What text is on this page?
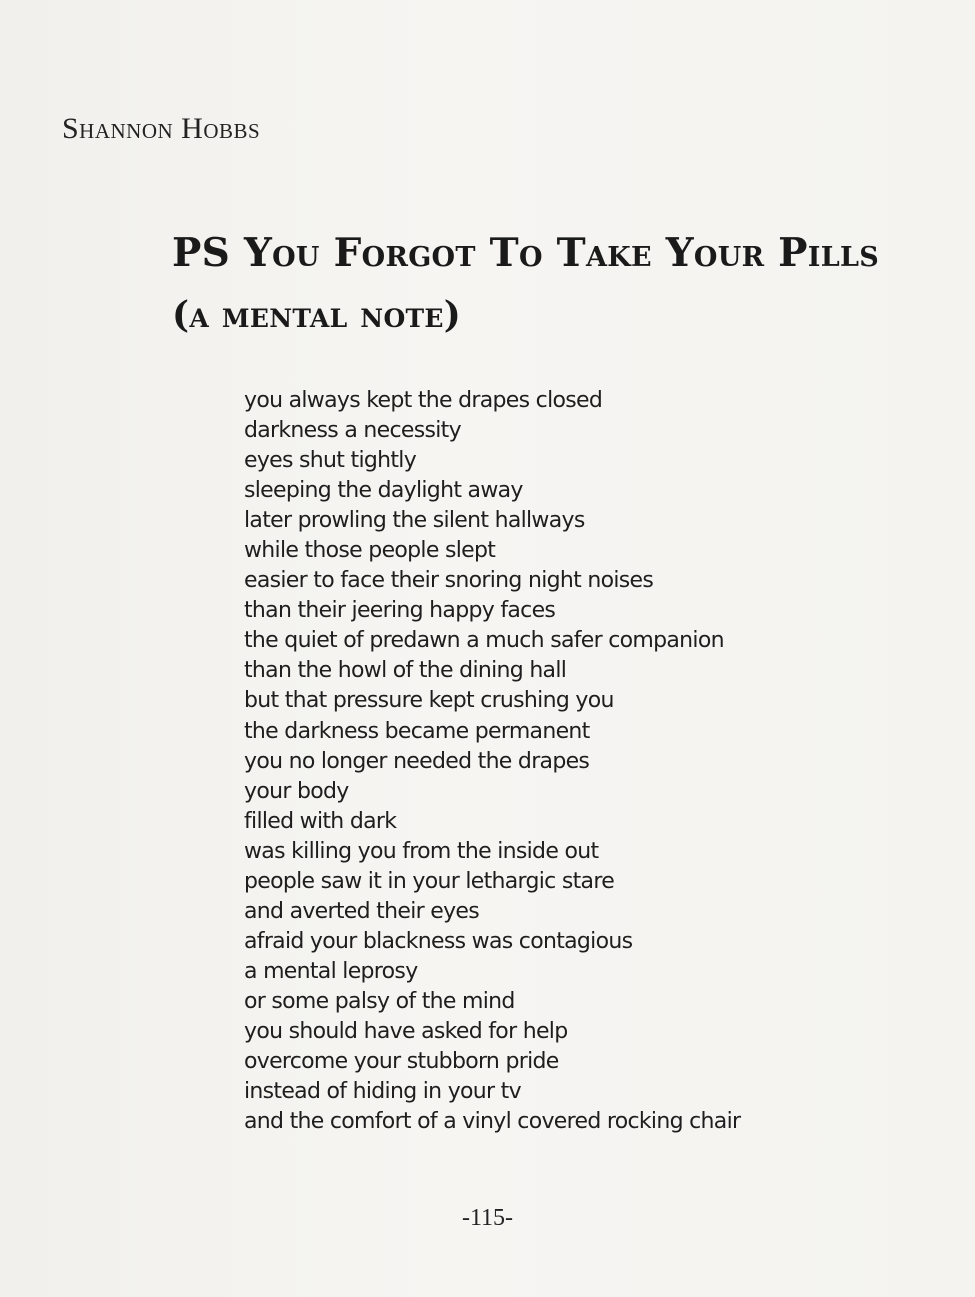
Shannon Hobbs
PS You Forgot To Take Your Pills
(a mental note)
you always kept the drapes closed
darkness a necessity
eyes shut tightly
sleeping the daylight away
later prowling the silent hallways
while those people slept
easier to face their snoring night noises
than their jeering happy faces
the quiet of predawn a much safer companion
than the howl of the dining hall
but that pressure kept crushing you
the darkness became permanent
you no longer needed the drapes
your body
filled with dark
was killing you from the inside out
people saw it in your lethargic stare
and averted their eyes
afraid your blackness was contagious
a mental leprosy
or some palsy of the mind
you should have asked for help
overcome your stubborn pride
instead of hiding in your tv
and the comfort of a vinyl covered rocking chair
-115-
